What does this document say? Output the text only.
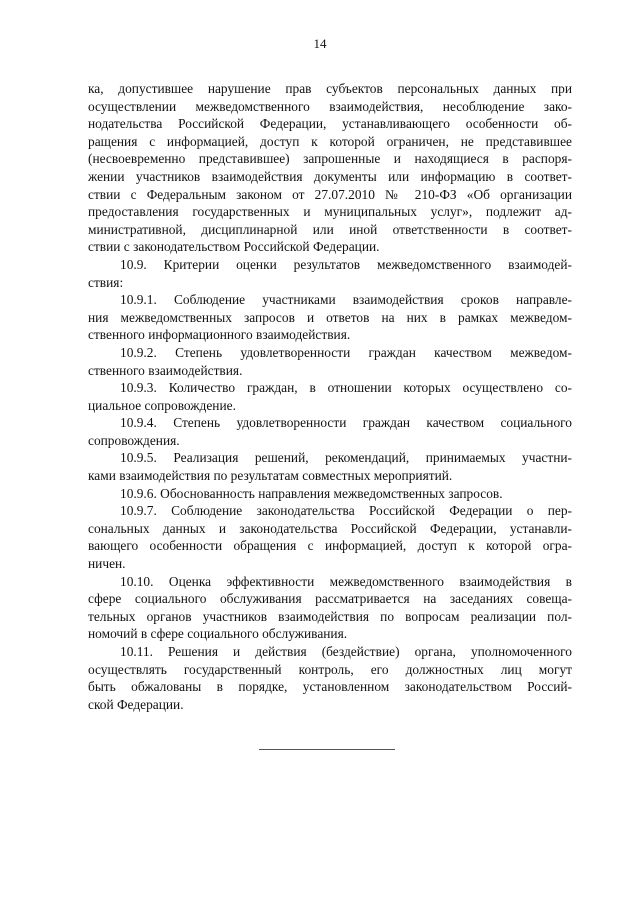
14
ка, допустившее нарушение прав субъектов персональных данных при
осуществлении межведомственного взаимодействия, несоблюдение зако-
нодательства Российской Федерации, устанавливающего особенности об-
ращения с информацией, доступ к которой ограничен, не представившее
(несвоевременно представившее) запрошенные и находящиеся в распоря-
жении участников взаимодействия документы или информацию в соответ-
ствии с Федеральным законом от 27.07.2010 № 210-ФЗ «Об организации
предоставления государственных и муниципальных услуг», подлежит ад-
министративной, дисциплинарной или иной ответственности в соответ-
ствии с законодательством Российской Федерации.
10.9. Критерии оценки результатов межведомственного взаимодей-
ствия:
10.9.1. Соблюдение участниками взаимодействия сроков направле-
ния межведомственных запросов и ответов на них в рамках межведом-
ственного информационного взаимодействия.
10.9.2. Степень удовлетворенности граждан качеством межведом-
ственного взаимодействия.
10.9.3. Количество граждан, в отношении которых осуществлено со-
циальное сопровождение.
10.9.4. Степень удовлетворенности граждан качеством социального
сопровождения.
10.9.5. Реализация решений, рекомендаций, принимаемых участни-
ками взаимодействия по результатам совместных мероприятий.
10.9.6. Обоснованность направления межведомственных запросов.
10.9.7. Соблюдение законодательства Российской Федерации о пер-
сональных данных и законодательства Российской Федерации, устанавли-
вающего особенности обращения с информацией, доступ к которой огра-
ничен.
10.10. Оценка эффективности межведомственного взаимодействия в
сфере социального обслуживания рассматривается на заседаниях совеща-
тельных органов участников взаимодействия по вопросам реализации пол-
номочий в сфере социального обслуживания.
10.11. Решения и действия (бездействие) органа, уполномоченного
осуществлять государственный контроль, его должностных лиц могут
быть обжалованы в порядке, установленном законодательством Россий-
ской Федерации.
